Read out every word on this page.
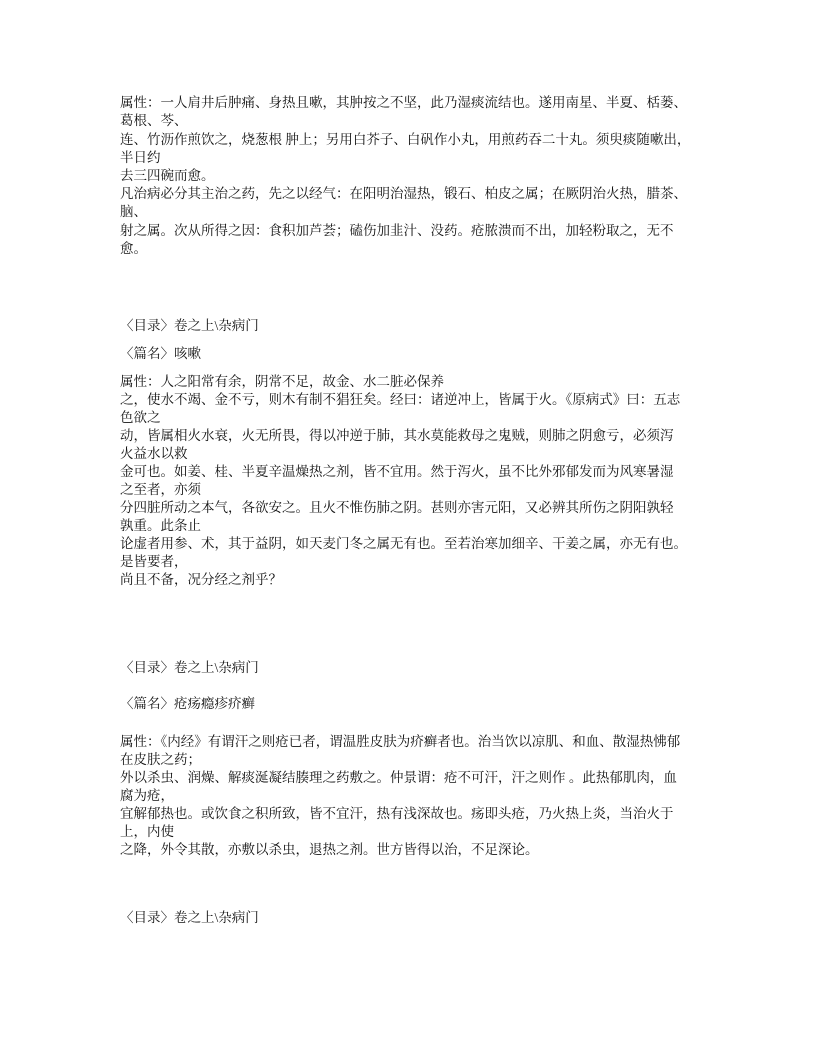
属性：一人肩井后肿痛、身热且嗽，其肿按之不坚，此乃湿痰流结也。遂用南星、半夏、栝蒌、
葛根、芩、
连、竹沥作煎饮之，烧葱根 肿上；另用白芥子、白矾作小丸，用煎药吞二十丸。须臾痰随嗽出，
半日约
去三四碗而愈。
凡治病必分其主治之药，先之以经气：在阳明治湿热，锻石、柏皮之属；在厥阴治火热，腊茶、
脑、
射之属。次从所得之因：食积加芦荟；磕伤加韭汁、没药。疮脓溃而不出，加轻粉取之，无不
愈。
〈目录〉卷之上\杂病门
〈篇名〉咳嗽
属性：人之阳常有余，阴常不足，故金、水二脏必保养
之，使水不竭、金不亏，则木有制不猖狂矣。经曰：诸逆冲上，皆属于火。《原病式》曰：五志
色欲之
动，皆属相火水衰，火无所畏，得以冲逆于肺，其水莫能救母之鬼贼，则肺之阴愈亏，必须泻
火益水以救
金可也。如姜、桂、半夏辛温燥热之剂，皆不宜用。然于泻火，虽不比外邪郁发而为风寒暑湿
之至者，亦须
分四脏所动之本气，各欲安之。且火不惟伤肺之阴。甚则亦害元阳，又必辨其所伤之阴阳孰轻
孰重。此条止
论虚者用参、术，其于益阴，如天麦门冬之属无有也。至若治寒加细辛、干姜之属，亦无有也。
是皆要者，
尚且不备，况分经之剂乎？
〈目录〉卷之上\杂病门
〈篇名〉疮疡瘾疹疥癣
属性：《内经》有谓汗之则疮已者，谓温胜皮肤为疥癣者也。治当饮以凉肌、和血、散湿热怫郁
在皮肤之药；
外以杀虫、润燥、解痰涎凝结腠理之药敷之。仲景谓：疮不可汗，汗之则作 。此热郁肌肉，血
腐为疮，
宜解郁热也。或饮食之积所致，皆不宜汗，热有浅深故也。疡即头疮，乃火热上炎，当治火于
上，内使
之降，外令其散，亦敷以杀虫，退热之剂。世方皆得以治，不足深论。
〈目录〉卷之上\杂病门
